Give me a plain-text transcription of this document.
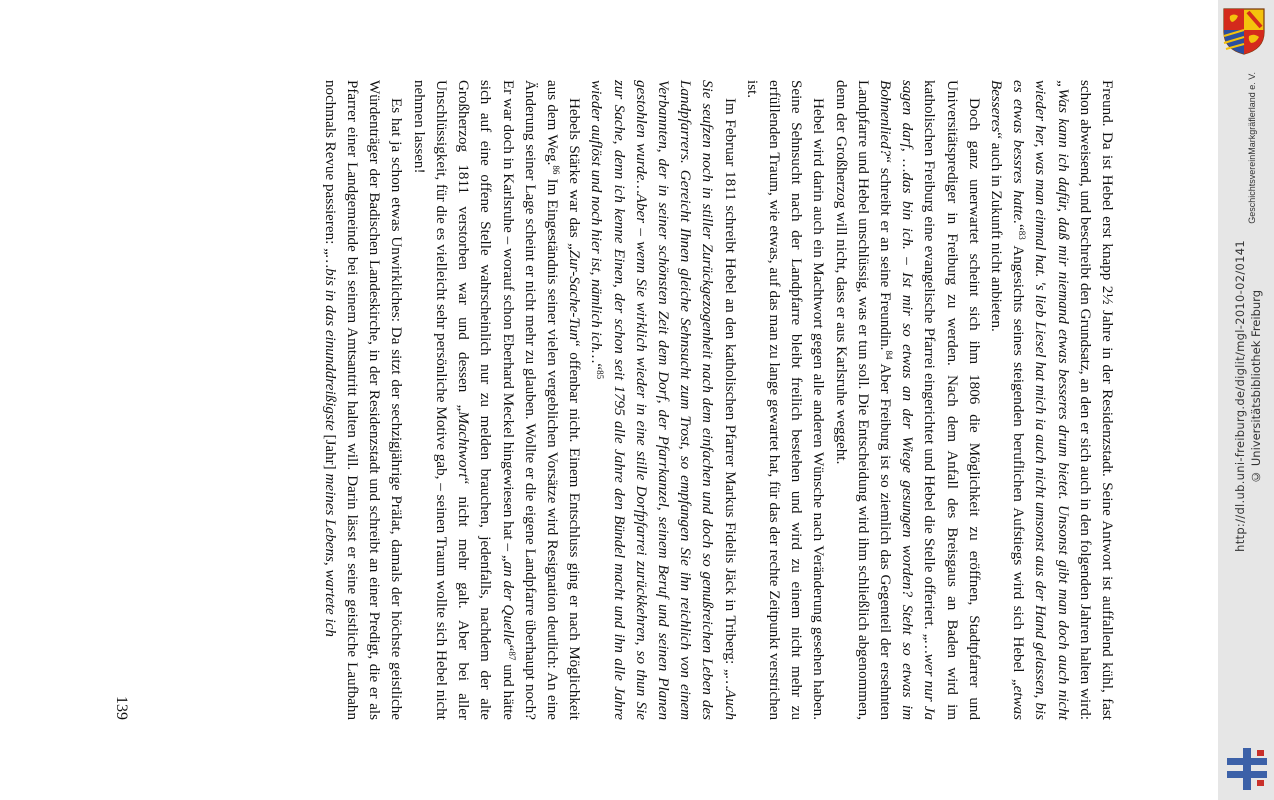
Freund. Da ist Hebel erst knapp 2½ Jahre in der Residenzstadt. Seine Antwort ist auffallend kühl, fast schon abweisend, und beschreibt den Grundsatz, an den er sich auch in den folgenden Jahren halten wird: „Was kann ich dafür, daß mir niemand etwas besseres drum bietet. Unsonst gibt man doch auch nicht wieder her, was man einmal hat. 's lieb Liesel hat mich ia auch nicht umsonst aus der Hand gelassen, bis es etwas bessres hatte.“$^{83}$ Angesichts seines steigenden beruflichen Aufstiegs wird sich Hebel „etwas Besseres“ auch in Zukunft nicht anbieten.

Doch ganz unerwartet scheint sich ihm 1806 die Möglichkeit zu eröffnen, Stadtpfarrer und Universitätsprediger in Freiburg zu werden. Nach dem Anfall des Breisgaus an Baden wird im katholischen Freiburg eine evangelische Pfarrei eingerichtet und Hebel die Stelle offeriert. „…wer nur Ja sagen darf, …das bin ich. – Ist mir so etwas an der Wiege gesungen worden? Steht so etwas im Bohnenlied?“ schreibt er an seine Freundin.$^{84}$ Aber Freiburg ist so ziemlich das Gegenteil der ersehnten Landpfarre und Hebel unschlüssig, was er tun soll. Die Entscheidung wird ihm schließlich abgenommen, denn der Großherzog will nicht, dass er aus Karlsruhe weggeht.

Hebel wird darin auch ein Machtwort gegen alle anderen Wünsche nach Veränderung gesehen haben. Seine Sehnsucht nach der Landpfarre bleibt freilich bestehen und wird zu einem nicht mehr zu erfüllenden Traum, wie etwas, auf das man zu lange gewartet hat, für das der rechte Zeitpunkt verstrichen ist.

Im Februar 1811 schreibt Hebel an den katholischen Pfarrer Markus Fidelis Jäck in Triberg: „…Auch Sie seufzen noch in stiller Zurückgezogenheit nach dem einfachen und doch so genußreichen Leben des Landpfarrers. Gereicht Ihnen gleiche Sehnsucht zum Trost, so empfangen Sie ihn reichlich von einem Verbannten, der in seiner schönsten Zeit dem Dorf, der Pfarrkanzel, seinem Beruf und seinen Planen gestohlen wurde…Aber – wenn Sie wirklich wieder in eine stille Dorfpfarrei zurückkehren, so thun Sie zur Sache, denn ich kenne Einen, der schon seit 1795 alle Jahre den Bündel macht und ihn alle Jahre wieder auflöst und noch hier ist, nämlich ich…“$^{85}$

Hebels Stärke war das „Zur-Sache-Tun“ offenbar nicht. Einem Entschluss ging er nach Möglichkeit aus dem Weg.$^{86}$ Im Eingeständnis seiner vielen vergeblichen Vorsätze wird Resignation deutlich: An eine Änderung seiner Lage scheint er nicht mehr zu glauben. Wollte er die eigene Landpfarre überhaupt noch? Er war doch in Karlsruhe – worauf schon Eberhard Meckel hingewiesen hat – „an der Quelle“$^{87}$ und hätte sich auf eine offene Stelle wahrscheinlich nur zu melden brauchen, jedenfalls, nachdem der alte Großherzog 1811 verstorben war und dessen „Machtwort“ nicht mehr galt. Aber bei aller Unschlüssigkeit, für die es vielleicht sehr persönliche Motive gab, – seinen Traum wollte sich Hebel nicht nehmen lassen!

Es hat ja schon etwas Unwirkliches: Da sitzt der sechzigjährige Prälat, damals der höchste geistliche Würdenträger der Badischen Landeskirche, in der Residenzstadt und schreibt an einer Predigt, die er als Pfarrer einer Landgemeinde bei seinem Amtsantritt halten will. Darin lässt er seine geistliche Laufbahn nochmals Revue passieren: „…bis in das einunddreißigste [Jahr] meines Lebens, wartete ich

139
Geschichtsverein
Markgräflerland e. V.
http://dl.ub.uni-freiburg.de/diglit/mgl-2010-02/0141 © Universitätsbibliothek Freiburg
